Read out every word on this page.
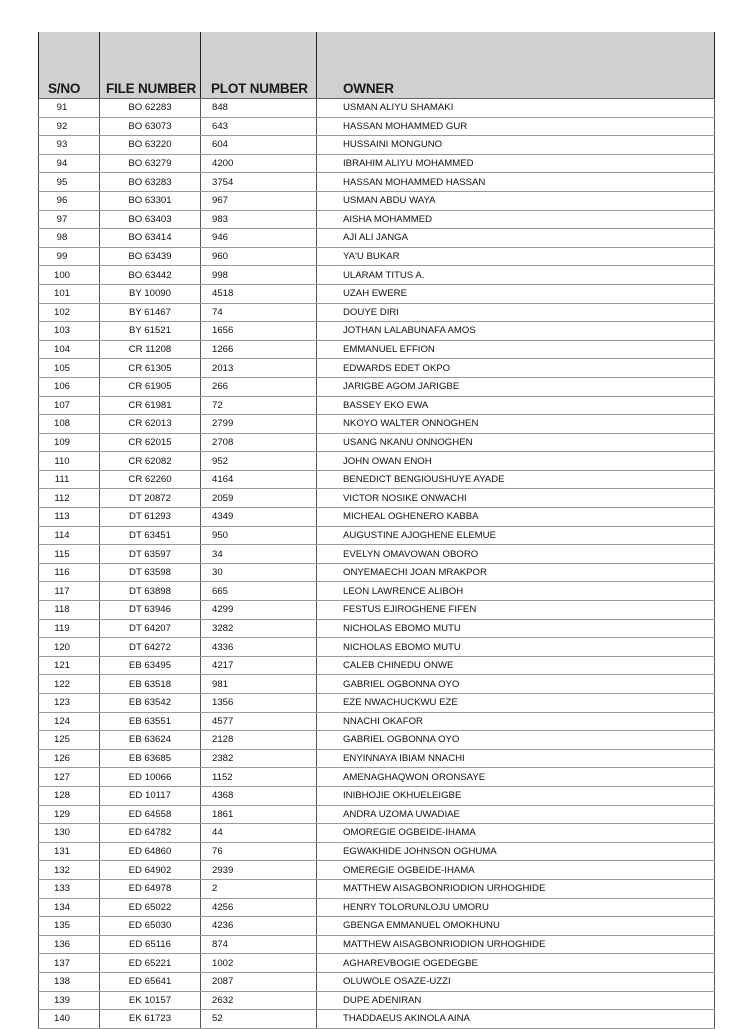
S/NO	FILE NUMBER	PLOT NUMBER	OWNER
91	BO 62283	848	USMAN ALIYU SHAMAKI
92	BO 63073	643	HASSAN MOHAMMED GUR
93	BO 63220	604	HUSSAINI MONGUNO
94	BO 63279	4200	IBRAHIM ALIYU MOHAMMED
95	BO 63283	3754	HASSAN MOHAMMED HASSAN
96	BO 63301	967	USMAN ABDU WAYA
97	BO 63403	983	AISHA MOHAMMED
98	BO 63414	946	AJI ALI JANGA
99	BO 63439	960	YA'U BUKAR
100	BO 63442	998	ULARAM TITUS A.
101	BY 10090	4518	UZAH EWERE
102	BY 61467	74	DOUYE DIRI
103	BY 61521	1656	JOTHAN LALABUNAFA AMOS
104	CR 11208	1266	EMMANUEL EFFION
105	CR 61305	2013	EDWARDS EDET OKPO
106	CR 61905	266	JARIGBE AGOM JARIGBE
107	CR 61981	72	BASSEY EKO EWA
108	CR 62013	2799	NKOYO WALTER ONNOGHEN
109	CR 62015	2708	USANG NKANU ONNOGHEN
110	CR 62082	952	JOHN OWAN ENOH
111	CR 62260	4164	BENEDICT BENGIOUSHUYE AYADE
112	DT 20872	2059	VICTOR NOSIKE ONWACHI
113	DT 61293	4349	MICHEAL OGHENERO KABBA
114	DT 63451	950	AUGUSTINE AJOGHENE ELEMUE
115	DT 63597	34	EVELYN OMAVOWAN OBORO
116	DT 63598	30	ONYEMAECHI JOAN MRAKPOR
117	DT 63898	665	LEON LAWRENCE ALIBOH
118	DT 63946	4299	FESTUS EJIROGHENE FIFEN
119	DT 64207	3282	NICHOLAS EBOMO MUTU
120	DT 64272	4336	NICHOLAS EBOMO MUTU
121	EB 63495	4217	CALEB CHINEDU ONWE
122	EB 63518	981	GABRIEL OGBONNA OYO
123	EB 63542	1356	EZE NWACHUCKWU EZE
124	EB 63551	4577	NNACHI OKAFOR
125	EB 63624	2128	GABRIEL OGBONNA OYO
126	EB 63685	2382	ENYINNAYA IBIAM NNACHI
127	ED 10066	1152	AMENAGHAQWON ORONSAYE
128	ED 10117	4368	INIBHOJIE OKHUELEIGBE
129	ED 64558	1861	ANDRA UZOMA UWADIAE
130	ED 64782	44	OMOREGIE OGBEIDE-IHAMA
131	ED 64860	76	EGWAKHIDE JOHNSON OGHUMA
132	ED 64902	2939	OMEREGIE OGBEIDE-IHAMA
133	ED 64978	2	MATTHEW AISAGBONRIODION URHOGHIDE
134	ED 65022	4256	HENRY TOLORUNLOJU UMORU
135	ED 65030	4236	GBENGA EMMANUEL OMOKHUNU
136	ED 65116	874	MATTHEW AISAGBONRIODION URHOGHIDE
137	ED 65221	1002	AGHAREVBOGIE OGEDEGBE
138	ED 65641	2087	OLUWOLE OSAZE-UZZI
139	EK 10157	2632	DUPE ADENIRAN
140	EK 61723	52	THADDAEUS AKINOLA AINA
